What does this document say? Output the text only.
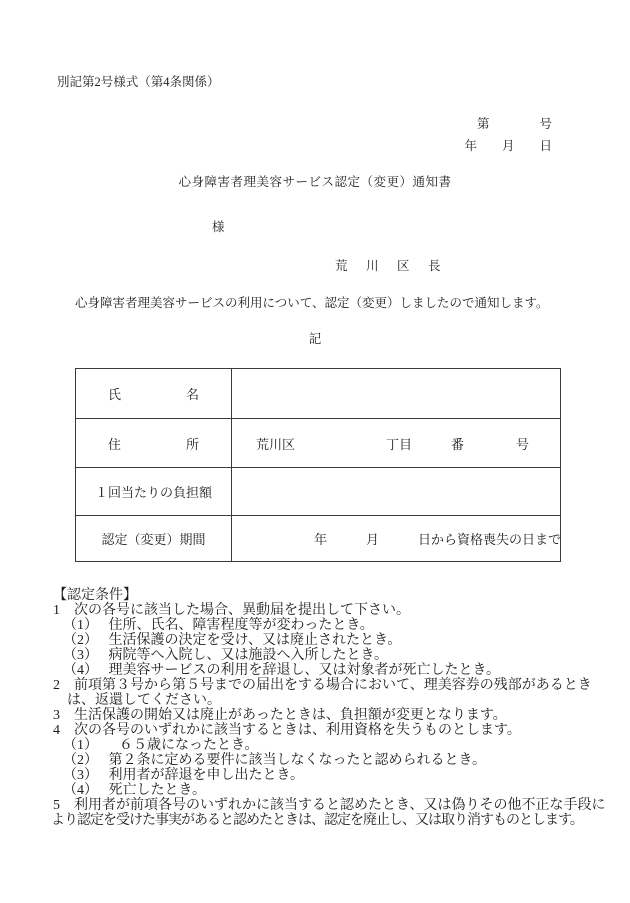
別記第2号様式（第4条関係）
第　　　　号
年　　月　　日
心身障害者理美容サービス認定（変更）通知書
様
荒　川　区　長
心身障害者理美容サービスの利用について、認定（変更）しましたので通知します。
記
氏　　　　　名
住　　　　　所	荒川区　　　　　　　丁目　　　番　　　　号
１回当たりの負担額
認定（変更）期間	年　　　月　　　日から資格喪失の日まで
【認定条件】
1　次の各号に該当した場合、異動届を提出して下さい。
（1）　 住所、氏名、障害程度等が変わったとき。
（2）　 生活保護の決定を受け、又は廃止されたとき。
（3）　 病院等へ入院し、又は施設へ入所したとき。
（4）　 理美容サービスの利用を辞退し、又は対象者が死亡したとき。
2　前項第３号から第５号までの届出をする場合において、理美容券の残部があるとき
　は、返還してください。
3　生活保護の開始又は廃止があったときは、負担額が変更となります。
4　次の各号のいずれかに該当するときは、利用資格を失うものとします。
（1）　　６５歳になったとき。
（2）　 第２条に定める要件に該当しなくなったと認められるとき。
（3）　 利用者が辞退を申し出たとき。
（4）　 死亡したとき。
5　利用者が前項各号のいずれかに該当すると認めたとき、又は偽りその他不正な手段に
より認定を受けた事実があると認めたときは、認定を廃止し、又は取り消すものとします。
